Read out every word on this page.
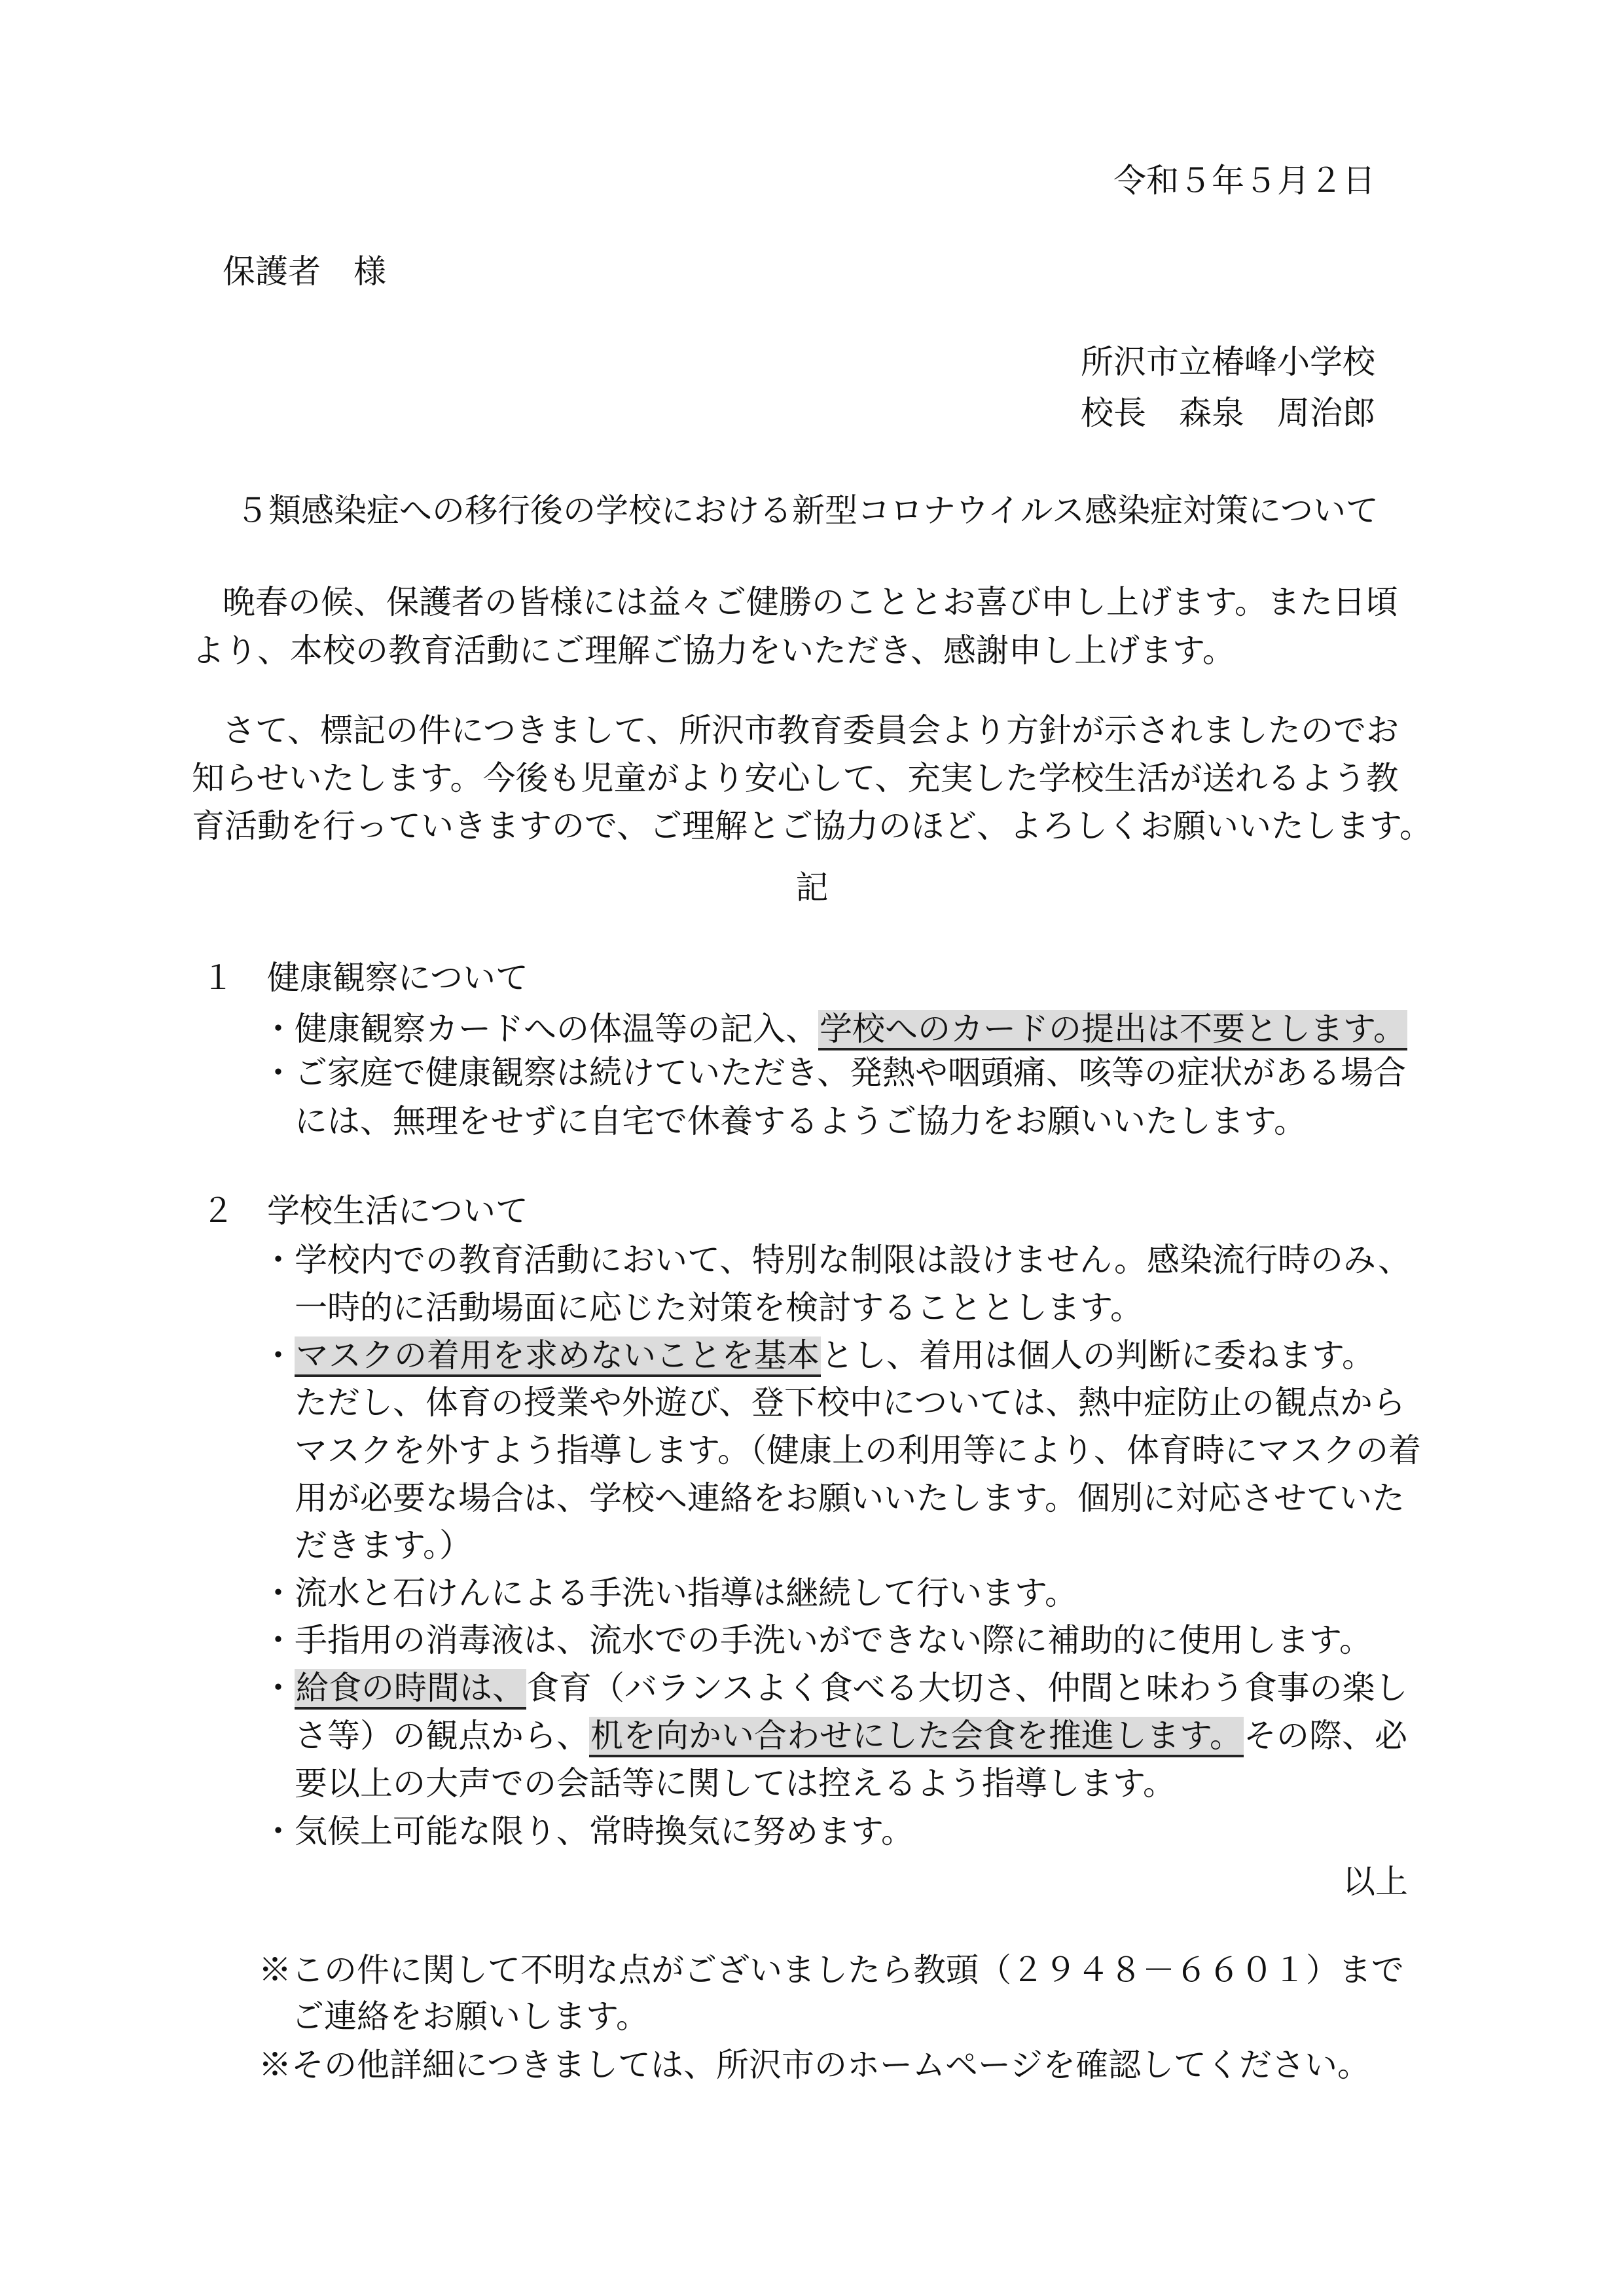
令和５年５月２日
保護者　様
所沢市立椿峰小学校
校長　森泉　周治郎
５類感染症への移行後の学校における新型コロナウイルス感染症対策について
晩春の候、保護者の皆様には益々ご健勝のこととお喜び申し上げます。また日頃
より、本校の教育活動にご理解ご協力をいただき、感謝申し上げます。
さて、標記の件につきまして、所沢市教育委員会より方針が示されましたのでお
知らせいたします。今後も児童がより安心して、充実した学校生活が送れるよう教
育活動を行っていきますので、ご理解とご協力のほど、よろしくお願いいたします。
記
１　健康観察について
・健康観察カードへの体温等の記入、学校へのカードの提出は不要とします。
・ご家庭で健康観察は続けていただき、発熱や咽頭痛、咳等の症状がある場合
には、無理をせずに自宅で休養するようご協力をお願いいたします。
２　学校生活について
・学校内での教育活動において、特別な制限は設けません。感染流行時のみ、
一時的に活動場面に応じた対策を検討することとします。
・マスクの着用を求めないことを基本とし、着用は個人の判断に委ねます。
ただし、体育の授業や外遊び、登下校中については、熱中症防止の観点から
マスクを外すよう指導します。（健康上の利用等により、体育時にマスクの着
用が必要な場合は、学校へ連絡をお願いいたします。個別に対応させていた
だきます。）
・流水と石けんによる手洗い指導は継続して行います。
・手指用の消毒液は、流水での手洗いができない際に補助的に使用します。
・給食の時間は、食育（バランスよく食べる大切さ、仲間と味わう食事の楽し
さ等）の観点から、机を向かい合わせにした会食を推進します。その際、必
要以上の大声での会話等に関しては控えるよう指導します。
・気候上可能な限り、常時換気に努めます。
以上
※この件に関して不明な点がございましたら教頭（２９４８－６６０１）まで
ご連絡をお願いします。
※その他詳細につきましては、所沢市のホームページを確認してください。
